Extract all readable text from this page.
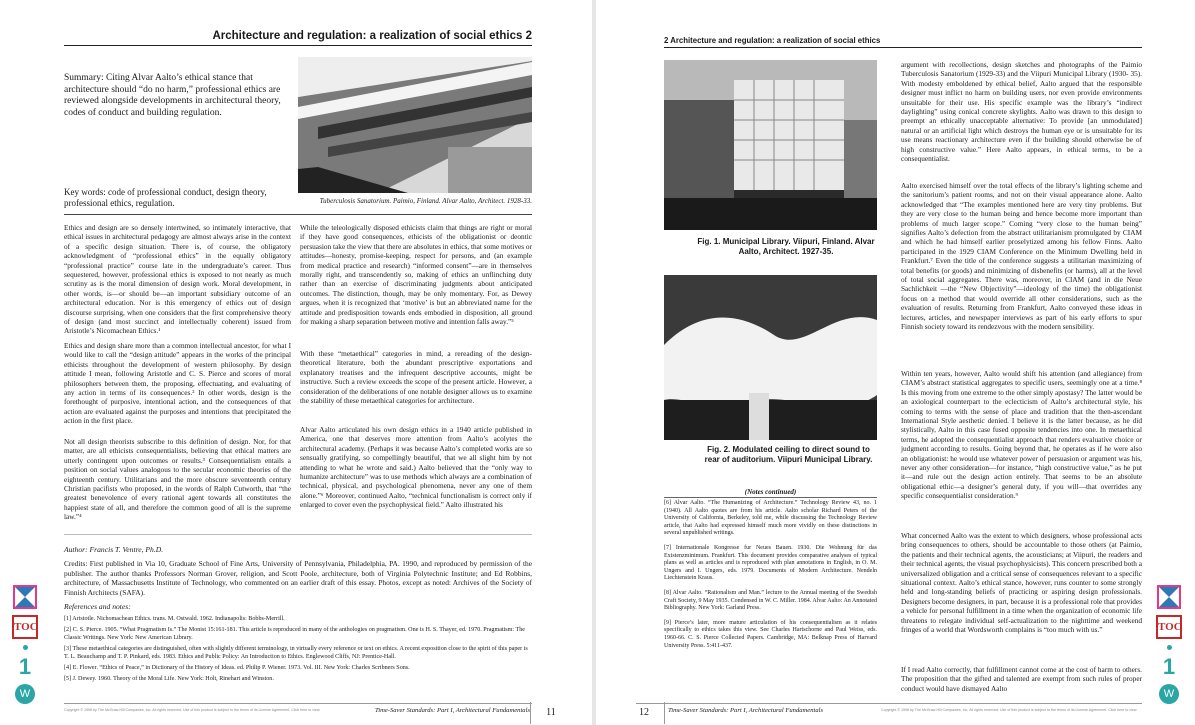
Architecture and regulation: a realization of social ethics 2
Summary: Citing Alvar Aalto’s ethical stance that architecture should “do no harm,” professional ethics are reviewed alongside developments in architectural theory, codes of conduct and building regulation.
Tuberculosis Sanatorium. Paimio, Finland. Alvar Aalto, Architect. 1928-33.
Key words: code of professional conduct, design theory, professional ethics, regulation.
Ethics and design are so densely intertwined, so intimately interactive, that ethical issues in architectural pedagogy are almost always arise in the context of a specific design situation. There is, of course, the obligatory acknowledgment of “professional ethics” in the equally obligatory “professional practice” course late in the undergraduate’s career. Thus sequestered, however, professional ethics is exposed to not nearly as much scrutiny as is the moral dimension of design work. Moral development, in other words, is—or should be—an important subsidiary outcome of an architectural education. Nor is this emergency of ethics out of design discourse surprising, when one considers that the first comprehensive theory of design (and most succinct and intellectually coherent) issued from Aristotle’s Nicomachean Ethics.¹
Ethics and design share more than a common intellectual ancestor, for what I would like to call the “design attitude” appears in the works of the principal ethicists throughout the development of western philosophy. By design attitude I mean, following Aristotle and C. S. Pierce and scores of moral philosophers between them, the proposing, effectuating, and evaluating of any action in terms of its consequences.² In other words, design is the forethought of purposive, intentional action, and the consequences of that action are evaluated against the purposes and intentions that precipitated the action in the first place.
Not all design theorists subscribe to this definition of design. Nor, for that matter, are all ethicists consequentialists, believing that ethical matters are utterly contingent upon outcomes or results.³ Consequentialism entails a position on social values analogous to the secular economic theories of the eighteenth century. Utilitarians and the more obscure seventeenth century Christian pacifists who proposed, in the words of Ralph Cutworth, that “the greatest benevolence of every rational agent towards all constitutes the happiest state of all, and therefore the common good of all is the supreme law.”⁴
While the teleologically disposed ethicists claim that things are right or moral if they have good consequences, ethicists of the obligationist or deontic persuasion take the view that there are absolutes in ethics, that some motives or attitudes—honesty, promise-keeping, respect for persons, and (an example from medical practice and research) “informed consent”—are in themselves morally right, and transcendently so, making of ethics an unflinching duty rather than an exercise of discriminating judgments about anticipated outcomes. The distinction, though, may be only momentary. For, as Dewey argues, when it is recognized that ‘motive’ is but an abbreviated name for the attitude and predisposition towards ends embodied in disposition, all ground for making a sharp separation between motive and intention falls away.”⁵
With these “metaethical” categories in mind, a rereading of the design-theoretical literature, both the abundant prescriptive exportations and explanatory treatises and the infrequent descriptive accounts, might be instructive. Such a review exceeds the scope of the present article. However, a consideration of the deliberations of one notable designer allows us to examine the stability of these metaethical categories for architecture.
Alvar Aalto articulated his own design ethics in a 1940 article published in America, one that deserves more attention from Aalto’s acolytes the architectural academy. (Perhaps it was because Aalto’s completed works are so sensually gratifying, so compellingly beautiful, that we all slight him by not attending to what he wrote and said.) Aalto believed that the “only way to humanize architecture” was to use methods which always are a combination of technical, physical, and psychological phenomena, never any one of them alone.”⁶ Moreover, continued Aalto, “technical functionalism is correct only if enlarged to cover even the psychophysical field.” Aalto illustrated his
Author: Francis T. Ventre, Ph.D.
Credits: First published in Via 10, Graduate School of Fine Arts, University of Pennsylvania, Philadelphia, PA. 1990, and reproduced by permission of the publisher. The author thanks Professors Norman Grover, religion, and Scott Poole, architecture, both of Virginia Polytechnic Institute; and Ed Robbins, architecture, of Massachusetts Institute of Technology, who commented on an earlier draft of this essay. Photos, except as noted: Archives of the Society of Finnish Architects (SAFA).
References and notes:
[1] Aristotle. Nichomachean Ethics. trans. M. Ostwald. 1962. Indianapolis: Bobbs-Merrill.
[2] C. S. Pierce. 1905. “What Pragmatism Is.” The Monist 15:161-181. This article is reproduced in many of the anthologies on pragmatism. One is H. S. Thayer, ed. 1970. Pragmatism: The Classic Writings. New York: New American Library.
[3] These metaethical categories are distinguished, often with slightly different terminology, in virtually every reference or text on ethics. A recent exposition close to the spirit of this paper is T. L. Beauchamp and T. P. Pinkard, eds. 1983. Ethics and Public Policy: An Introduction to Ethics. Englewood Cliffs, NJ: Prentice-Hall.
[4] E. Flower. “Ethics of Peace,” in Dictionary of the History of Ideas. ed. Philip P. Wiener. 1973. Vol. III. New York: Charles Scribners Sons.
[5] J. Dewey. 1960. Theory of the Moral Life. New York: Holt, Rinehart and Winston.
Copyright © 1998 by The McGraw-Hill Companies, Inc. All rights reserved. Use of this product is subject to the terms of its License Agreement. Click here to view.	Time-Saver Standards: Part I, Architectural Fundamentals	11
TOC
1
W
2 Architecture and regulation: a realization of social ethics
Fig. 1. Municipal Library. Viipuri, Finland. Alvar Aalto, Architect. 1927-35.
Fig. 2. Modulated ceiling to direct sound to rear of auditorium. Viipuri Municipal Library.
(Notes continued)
[6] Alvar Aalto. “The Humanizing of Architecture.” Technology Review 43, no. 1 (1940). All Aalto quotes are from his article. Aalto scholar Richard Peters of the University of California, Berkeley, told me, while discussing the Technology Review article, that Aalto had expressed himself much more vividly on these distinctions in several unpublished writings.
[7] Internationale Kongresse fur Neues Bauen. 1930. Die Wohnung für das Existenzminimum. Frankfurt. This document provides comparative analyses of typical plans as well as articles and is reproduced with plan annotations in English, in O. M. Ungers and I. Ungers, eds. 1979. Documents of Modern Architecture. Nendeln Liechtenstein Kraus.
[8] Alvar Aalto. “Rationalism and Man.” lecture to the Annual meeting of the Swedish Craft Society, 9 May 1935. Condensed in W. C. Miller. 1984. Alvar Aalto: An Annotated Bibliography. New York: Garland Press.
[9] Pierce’s later, more mature articulation of his consequentialism as it relates specifically to ethics takes this view. See Charles Hartschorne and Paul Weiss, eds. 1960-66. C. S. Pierce Collected Papers. Cambridge, MA: Belknap Press of Harvard University Press. 5:411-437.
argument with recollections, design sketches and photographs of the Paimio Tuberculosis Sanatorium (1929-33) and the Viipuri Municipal Library (1930- 35). With modesty emboldened by ethical belief, Aalto argued that the responsible designer must inflict no harm on building users, nor even provide environments unsuitable for their use. His specific example was the library’s “indirect daylighting” using conical concrete skylights. Aalto was drawn to this design to preempt an ethically unacceptable alternative: To provide [an unmodulated] natural or an artificial light which destroys the human eye or is unsuitable for its use means reactionary architecture even if the building should otherwise be of high constructive value.” Here Aalto appears, in ethical terms, to be a consequentialist.
Aalto exercised himself over the total effects of the library’s lighting scheme and the sanitorium’s patient rooms, and not on their visual appearance alone. Aalto acknowledged that “The examples mentioned here are very tiny problems. But they are very close to the human being and hence become more important than problems of much larger scope.” Coming “very close to the human being” signifies Aalto’s defection from the abstract utilitarianism promulgated by CIAM and which he had himself earlier proselytized among his fellow Finns. Aalto participated in the 1929 CIAM Conference on the Minimum Dwelling held in Frankfurt.⁷ Even the title of the conference suggests a utilitarian maximizing of total benefits (or goods) and minimizing of disbenefits (or harms), all at the level of total social aggregates. There was, moreover, in CIAM (and in die Neue Sachlichkeit —the “New Objectivity”—ideology of the time) the obligationist focus on a method that would override all other considerations, such as the evaluation of results. Returning from Frankfurt, Aalto conveyed these ideas in lectures, articles, and newspaper interviews as part of his early efforts to spur Finnish society toward its rendezvous with the modern sensibility.
Within ten years, however, Aalto would shift his attention (and allegiance) from CIAM’s abstract statistical aggregates to specific users, seemingly one at a time.⁸ Is this moving from one extreme to the other simply apostasy? The latter would be an axiological counterpart to the eclecticism of Aalto’s architectural style, his coming to terms with the sense of place and tradition that the then-ascendant International Style aesthetic denied. I believe it is the latter because, as he did stylistically, Aalto in this case fused opposite tendencies into one. In metaethical terms, he adopted the consequentialist approach that renders evaluative choice or judgment according to results. Going beyond that, he operates as if he were also an obligationist: he would use whatever power of persuasion or argument was his, never any other consideration—for instance, “high constructive value,” as he put it—and rule out the design action entirely. That seems to be an absolute obligational ethic—a designer’s general duty, if you will—that overrides any specific consequentialist consideration.⁹
What concerned Aalto was the extent to which designers, whose professional acts bring consequences to others, should be accountable to those others (at Paimio, the patients and their technical agents, the acousticians; at Viipuri, the readers and their technical agents, the visual psychophysicists). This concern prescribed both a universalized obligation and a critical sense of consequences relevant to a specific situational context. Aalto’s ethical stance, however, runs counter to some strongly held and long-standing beliefs of practicing or aspiring design professionals. Designers become designers, in part, because it is a professional role that provides a vehicle for personal fulfillment in a time when the organization of economic life threatens to relegate individual self-actualization to the nighttime and weekend fringes of a world that Wordsworth complains is “too much with us.”
If I read Aalto correctly, that fulfillment cannot come at the cost of harm to others. The proposition that the gifted and talented are exempt from such rules of proper conduct would have dismayed Aalto
12	Time-Saver Standards: Part I, Architectural Fundamentals	Copyright © 1998 by The McGraw-Hill Companies, Inc. All rights reserved. Use of this product is subject to the terms of its License Agreement. Click here to view.
TOC
1
W
